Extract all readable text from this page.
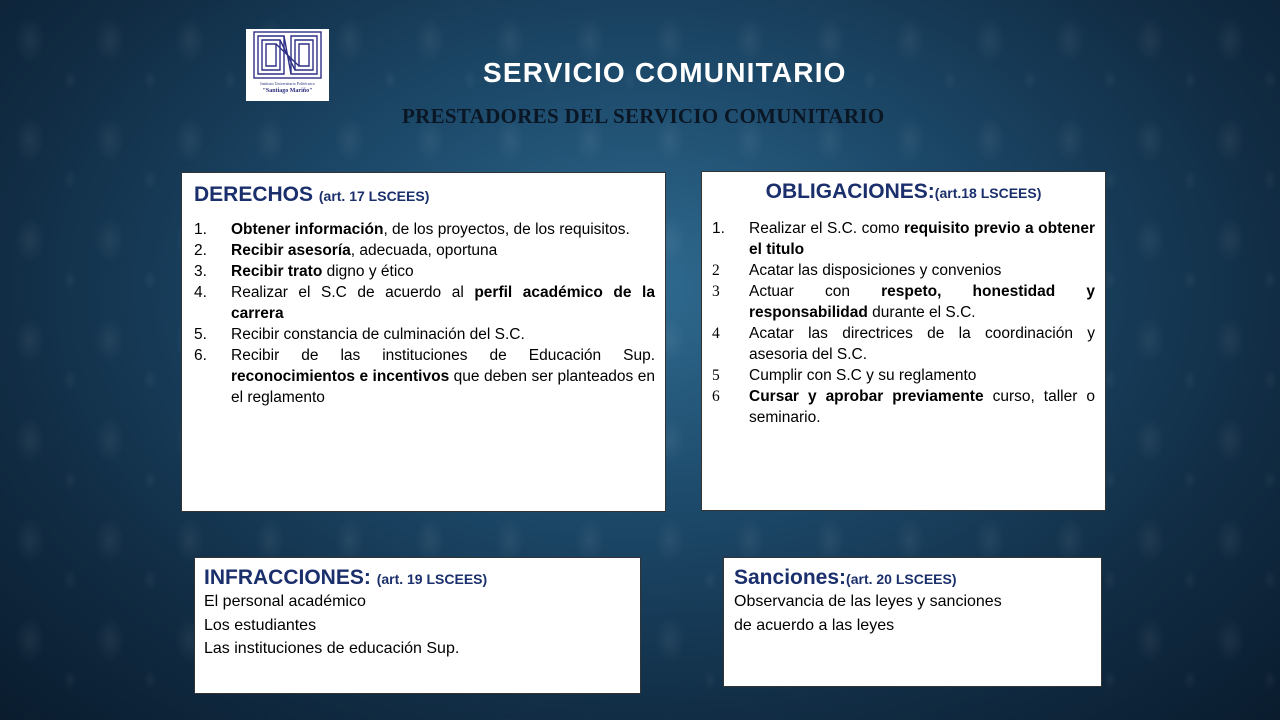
Instituto Universitario Politécnico
"Santiago Mariño"
SERVICIO COMUNITARIO
PRESTADORES DEL SERVICIO COMUNITARIO

DERECHOS (art. 17 LSCEES)

1.	Obtener información, de los proyectos, de los requisitos.
2.	Recibir asesoría, adecuada, oportuna
3.	Recibir trato digno y ético
4.	Realizar el S.C de acuerdo al perfil académico de la carrera
5.	Recibir constancia de culminación del S.C.
6.	Recibir de las instituciones de Educación Sup. reconocimientos e incentivos que deben ser planteados en el reglamento

OBLIGACIONES:(art.18 LSCEES)

1.	Realizar el S.C. como requisito previo a obtener el titulo
2	Acatar las disposiciones y convenios
3	Actuar con respeto, honestidad y responsabilidad durante el S.C.
4	Acatar las directrices de la coordinación y asesoria del S.C.
5	Cumplir con S.C y su reglamento
6	Cursar y aprobar previamente curso, taller o seminario.

INFRACCIONES: (art. 19 LSCEES)

El personal académico
Los estudiantes
Las instituciones de educación Sup.

Sanciones:(art. 20 LSCEES)

Observancia de las leyes y sanciones
de acuerdo a las leyes
